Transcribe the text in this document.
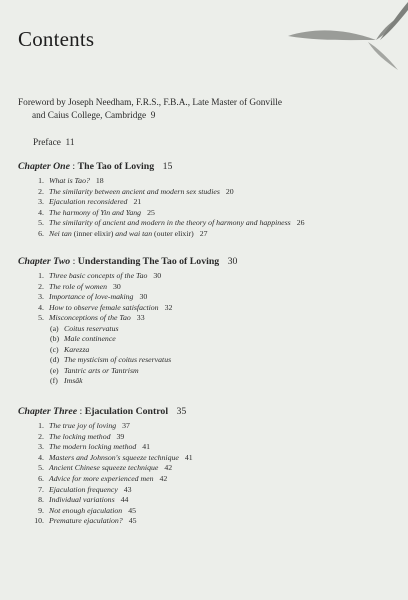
Contents
Foreword by Joseph Needham, F.R.S., F.B.A., Late Master of Gonville
and Caius College, Cambridge 9
Preface 11
Chapter One : The Tao of Loving 15
1. What is Tao? 18
2. The similarity between ancient and modern sex studies 20
3. Ejaculation reconsidered 21
4. The harmony of Yin and Yang 25
5. The similarity of ancient and modern in the theory of harmony and happiness 26
6. Nei tan (inner elixir) and wai tan (outer elixir) 27
Chapter Two : Understanding The Tao of Loving 30
1. Three basic concepts of the Tao 30
2. The role of women 30
3. Importance of love-making 30
4. How to observe female satisfaction 32
5. Misconceptions of the Tao 33
(a) Coitus reservatus
(b) Male continence
(c) Karezza
(d) The mysticism of coitus reservatus
(e) Tantric arts or Tantrism
(f) Imsâk
Chapter Three : Ejaculation Control 35
1. The true joy of loving 37
2. The locking method 39
3. The modern locking method 41
4. Masters and Johnson's squeeze technique 41
5. Ancient Chinese squeeze technique 42
6. Advice for more experienced men 42
7. Ejaculation frequency 43
8. Individual variations 44
9. Not enough ejaculation 45
10. Premature ejaculation? 45
